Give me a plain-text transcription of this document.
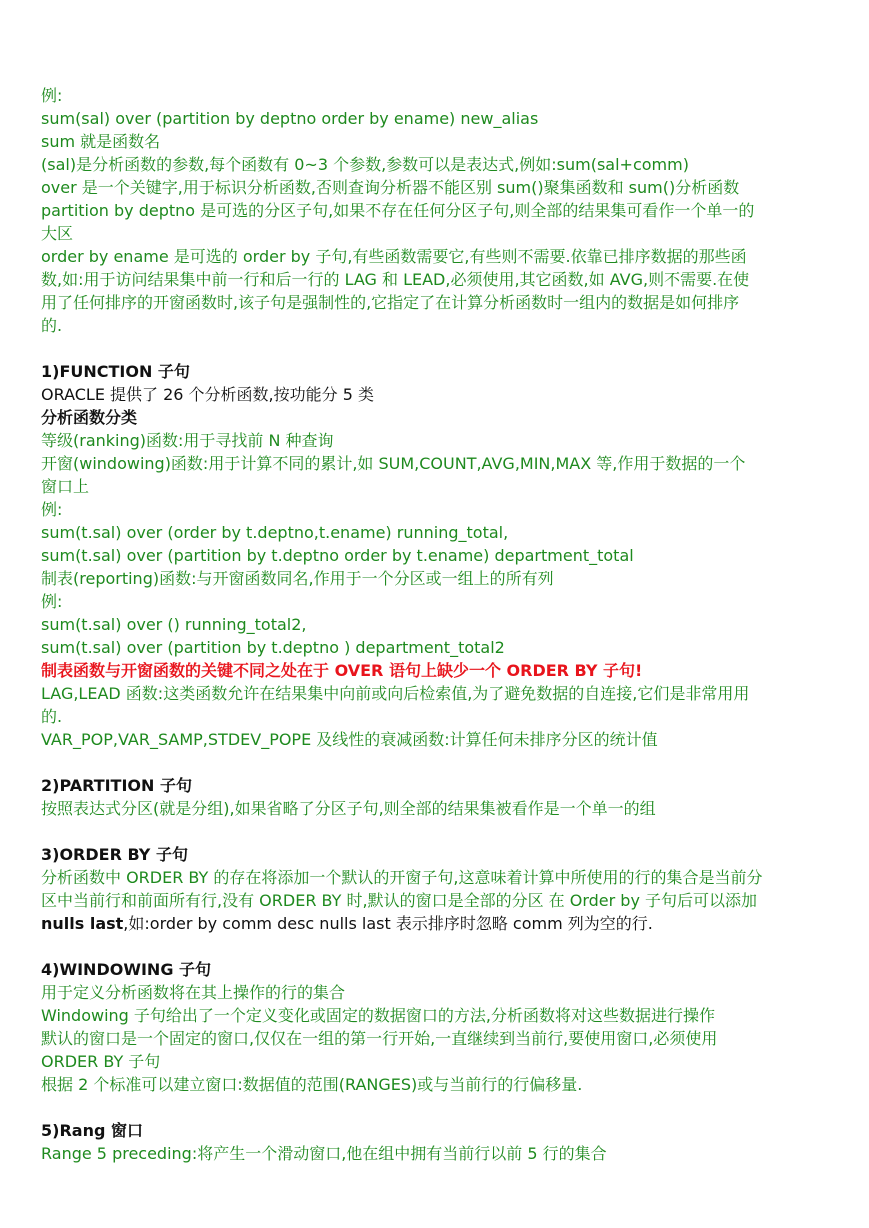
例:
sum(sal) over (partition by deptno order by ename) new_alias
sum 就是函数名
(sal)是分析函数的参数,每个函数有 0~3 个参数,参数可以是表达式,例如:sum(sal+comm)
over 是一个关键字,用于标识分析函数,否则查询分析器不能区别 sum()聚集函数和 sum()分析函数
partition by deptno 是可选的分区子句,如果不存在任何分区子句,则全部的结果集可看作一个单一的
大区
order by ename 是可选的 order by 子句,有些函数需要它,有些则不需要.依靠已排序数据的那些函
数,如:用于访问结果集中前一行和后一行的 LAG 和 LEAD,必须使用,其它函数,如 AVG,则不需要.在使
用了任何排序的开窗函数时,该子句是强制性的,它指定了在计算分析函数时一组内的数据是如何排序
的.
1)FUNCTION 子句
ORACLE 提供了 26 个分析函数,按功能分 5 类
分析函数分类
等级(ranking)函数:用于寻找前 N 种查询
开窗(windowing)函数:用于计算不同的累计,如 SUM,COUNT,AVG,MIN,MAX 等,作用于数据的一个
窗口上
例:
sum(t.sal) over (order by t.deptno,t.ename) running_total,
sum(t.sal) over (partition by t.deptno order by t.ename) department_total
制表(reporting)函数:与开窗函数同名,作用于一个分区或一组上的所有列
例:
sum(t.sal) over () running_total2,
sum(t.sal) over (partition by t.deptno ) department_total2
制表函数与开窗函数的关键不同之处在于 OVER 语句上缺少一个 ORDER BY 子句!
LAG,LEAD 函数:这类函数允许在结果集中向前或向后检索值,为了避免数据的自连接,它们是非常用用
的.
VAR_POP,VAR_SAMP,STDEV_POPE 及线性的衰减函数:计算任何未排序分区的统计值
2)PARTITION 子句
按照表达式分区(就是分组),如果省略了分区子句,则全部的结果集被看作是一个单一的组
3)ORDER BY 子句
分析函数中 ORDER BY 的存在将添加一个默认的开窗子句,这意味着计算中所使用的行的集合是当前分
区中当前行和前面所有行,没有 ORDER BY 时,默认的窗口是全部的分区 在 Order by 子句后可以添加
nulls last,如:order by comm desc nulls last 表示排序时忽略 comm 列为空的行.
4)WINDOWING 子句
用于定义分析函数将在其上操作的行的集合
Windowing 子句给出了一个定义变化或固定的数据窗口的方法,分析函数将对这些数据进行操作
默认的窗口是一个固定的窗口,仅仅在一组的第一行开始,一直继续到当前行,要使用窗口,必须使用
ORDER BY 子句
根据 2 个标准可以建立窗口:数据值的范围(RANGES)或与当前行的行偏移量.
5)Rang 窗口
Range 5 preceding:将产生一个滑动窗口,他在组中拥有当前行以前 5 行的集合
